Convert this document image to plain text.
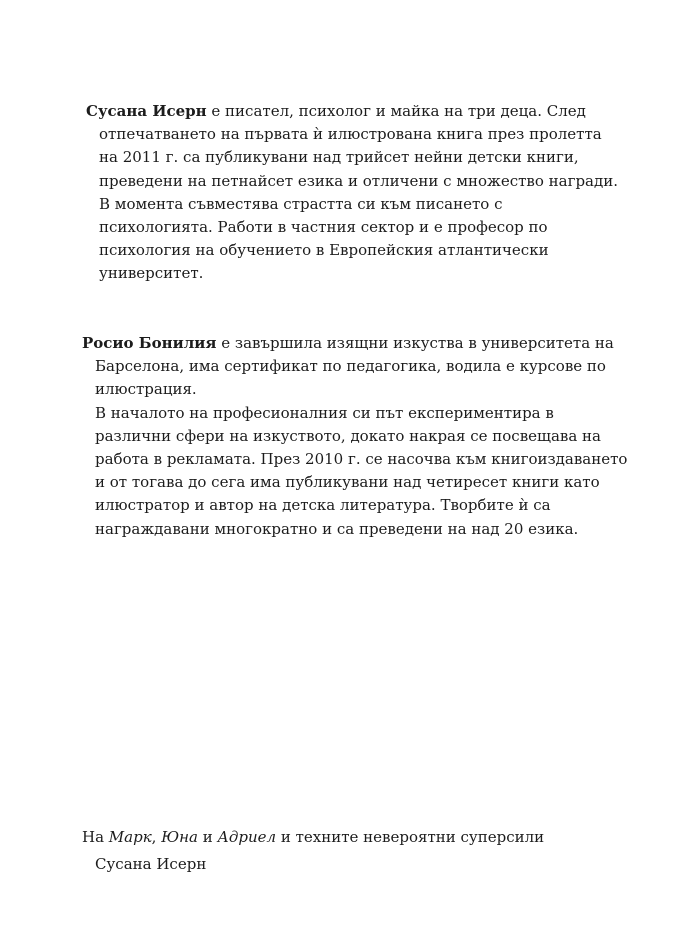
Сусана Исерн е писател, психолог и майка на три деца. След
отпечатването на първата ѝ илюстрована книга през пролетта
на 2011 г. са публикувани над трийсет нейни детски книги,
преведени на петнайсет езика и отличени с множество награди.
В момента съвместява страстта си към писането с
психологията. Работи в частния сектор и е професор по
психология на обучението в Европейския атлантически
университет.
Росио Бонилия е завършила изящни изкуства в университета на
Барселона, има сертификат по педагогика, водила е курсове по
илюстрация.
В началото на професионалния си път експериментира в
различни сфери на изкуството, докато накрая се посвещава на
работа в рекламата. През 2010 г. се насочва към книгоиздаването
и от тогава до сега има публикувани над четиресет книги като
илюстратор и автор на детска литература. Творбите ѝ са
награждавани многократно и са преведени на над 20 езика.

На Марк, Юна и Адриел и техните невероятни суперсили

Сусана Исерн
